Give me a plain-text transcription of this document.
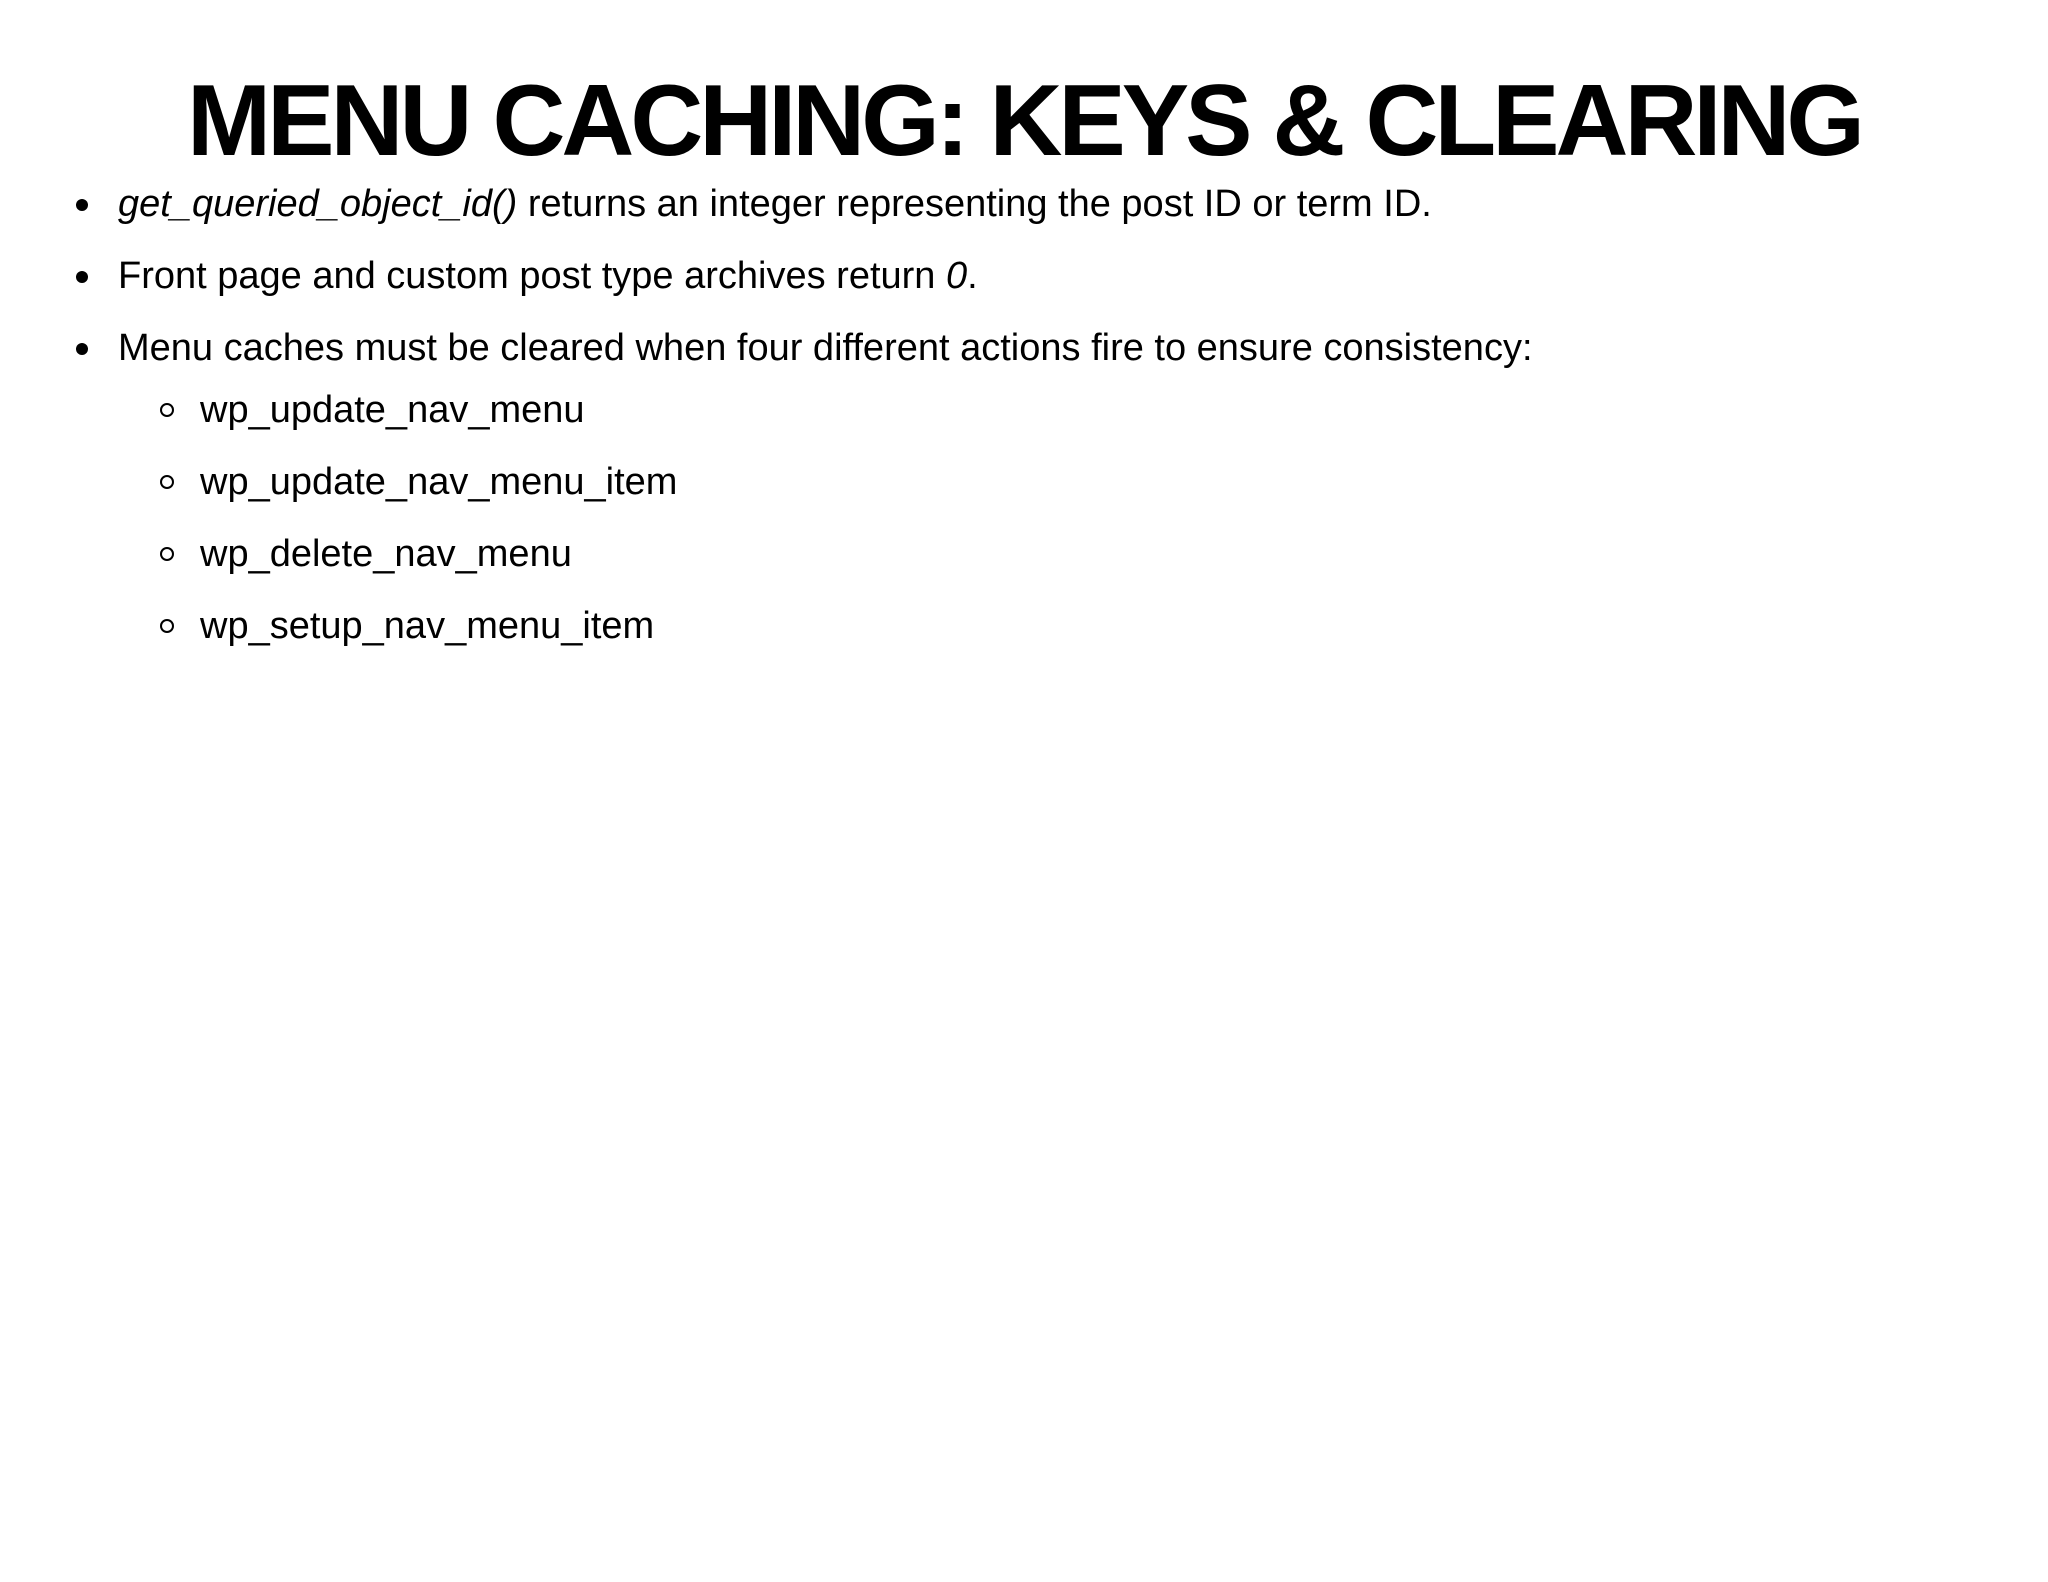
MENU CACHING: KEYS & CLEARING
get_queried_object_id() returns an integer representing the post ID or term ID.
Front page and custom post type archives return 0.
Menu caches must be cleared when four different actions fire to ensure consistency:
wp_update_nav_menu
wp_update_nav_menu_item
wp_delete_nav_menu
wp_setup_nav_menu_item
